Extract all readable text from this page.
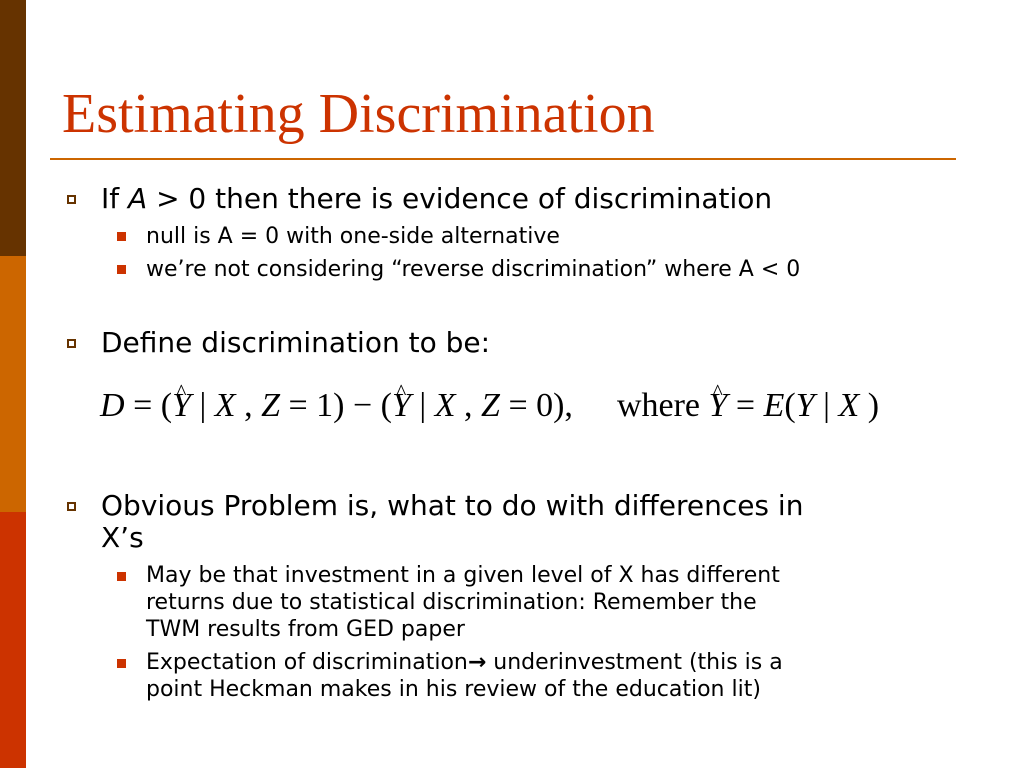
Estimating Discrimination
If A > 0 then there is evidence of discrimination
null is A = 0 with one-side alternative
we’re not considering “reverse discrimination” where A < 0
Define discrimination to be:
D = (^ Y | X , Z = 1) − (^ Y | X , Z = 0), where ^ Y = E(Y | X )
Obvious Problem is, what to do with differences in
X’s
May be that investment in a given level of X has different
returns due to statistical discrimination: Remember the
TWM results from GED paper
Expectation of discrimination→ underinvestment (this is a
point Heckman makes in his review of the education lit)
